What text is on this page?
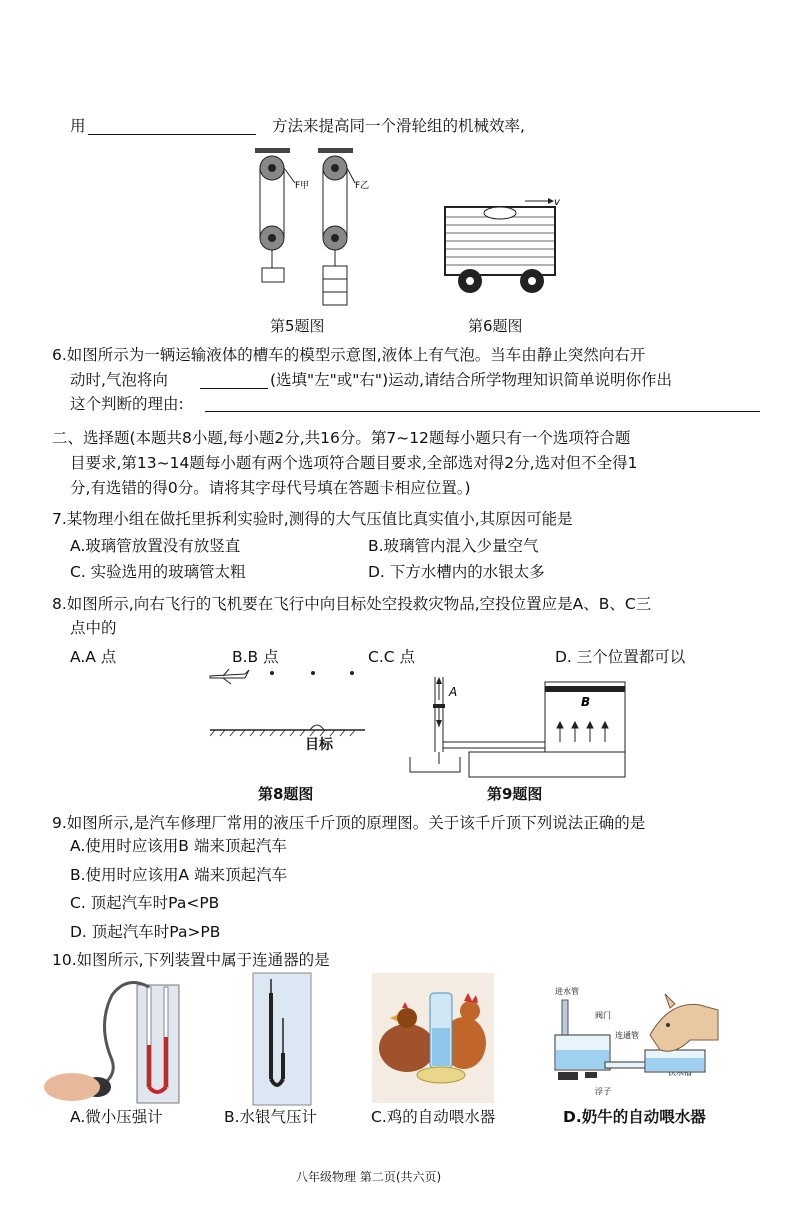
用	方法来提高同一个滑轮组的机械效率,
F甲	F乙
v
第5题图	第6题图
6.如图所示为一辆运输液体的槽车的模型示意图,液体上有气泡。当车由静止突然向右开
动时,气泡将向	(选填"左"或"右")运动,请结合所学物理知识简单说明你作出
这个判断的理由:
二、选择题(本题共8小题,每小题2分,共16分。第7~12题每小题只有一个选项符合题
目要求,第13~14题每小题有两个选项符合题目要求,全部选对得2分,选对但不全得1
分,有选错的得0分。请将其字母代号填在答题卡相应位置。)
7.某物理小组在做托里拆利实验时,测得的大气压值比真实值小,其原因可能是
A.玻璃管放置没有放竖直	B.玻璃管内混入少量空气
C. 实验选用的玻璃管太粗	D. 下方水槽内的水银太多
8.如图所示,向右飞行的飞机要在飞行中向目标处空投救灾物品,空投位置应是A、B、C三
点中的
A.A 点	B.B 点	C.C 点	D. 三个位置都可以
目标
A
B
第8题图	第9题图
9.如图所示,是汽车修理厂常用的液压千斤顶的原理图。关于该千斤顶下列说法正确的是
A.使用时应该用B 端来顶起汽车
B.使用时应该用A 端来顶起汽车
C. 顶起汽车时Pa<PB
D. 顶起汽车时Pa>PB
10.如图所示,下列装置中属于连通器的是
进水管
阀门
连通管
浮子
A.微小压强计	B.水银气压计	C.鸡的自动喂水器	D.奶牛的自动喂水器
八年级物理 第二页(共六页)
